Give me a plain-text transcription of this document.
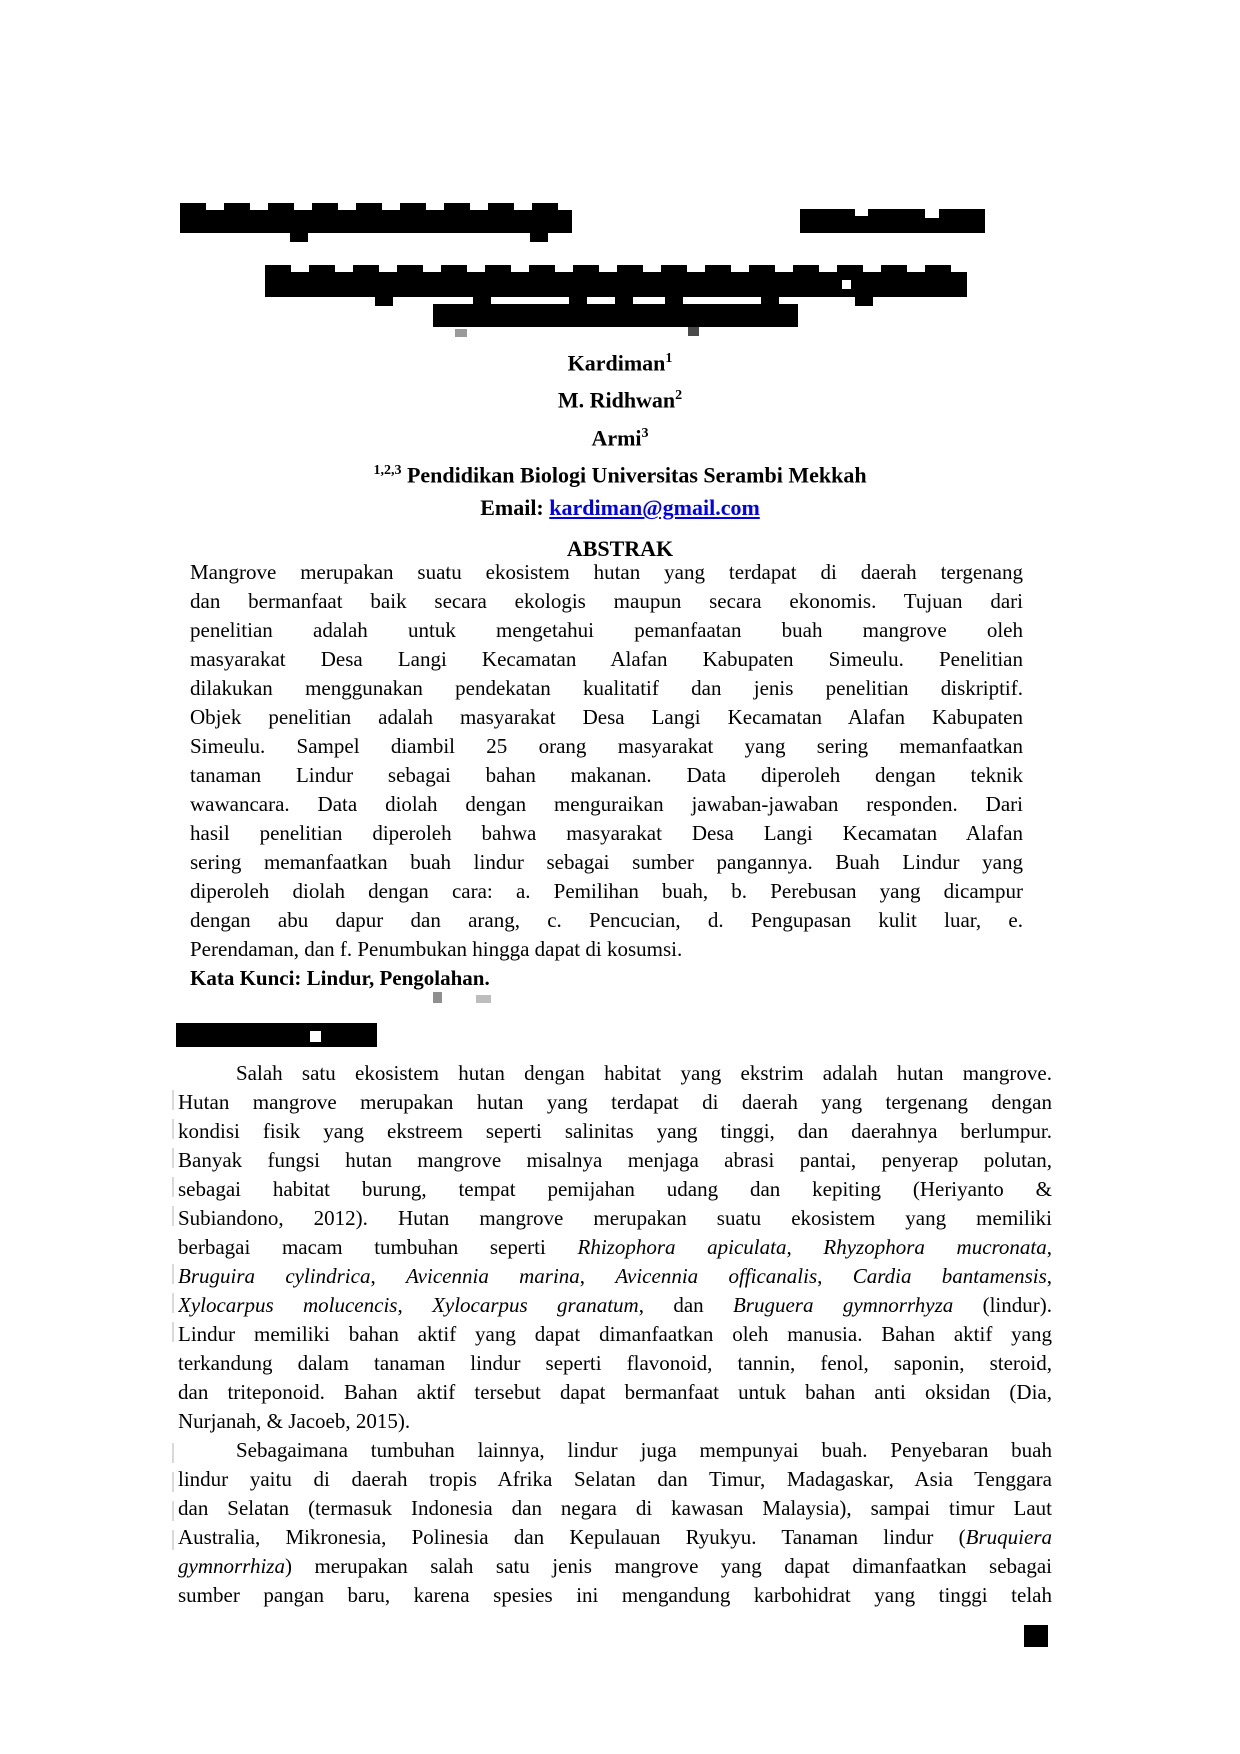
Kardiman$^1$
M. Ridhwan$^2$
Armi$^3$
$^{1,2,3}$ Pendidikan Biologi Universitas Serambi Mekkah
Email: kardiman@gmail.com
ABSTRAK
Mangrove merupakan suatu ekosistem hutan yang terdapat di daerah tergenang
dan bermanfaat baik secara ekologis maupun secara ekonomis. Tujuan dari
penelitian adalah untuk mengetahui pemanfaatan buah mangrove oleh
masyarakat Desa Langi Kecamatan Alafan Kabupaten Simeulu. Penelitian
dilakukan menggunakan pendekatan kualitatif dan jenis penelitian diskriptif.
Objek penelitian adalah masyarakat Desa Langi Kecamatan Alafan Kabupaten
Simeulu. Sampel diambil 25 orang masyarakat yang sering memanfaatkan
tanaman Lindur sebagai bahan makanan. Data diperoleh dengan teknik
wawancara. Data diolah dengan menguraikan jawaban-jawaban responden. Dari
hasil penelitian diperoleh bahwa masyarakat Desa Langi Kecamatan Alafan
sering memanfaatkan buah lindur sebagai sumber pangannya. Buah Lindur yang
diperoleh diolah dengan cara: a. Pemilihan buah, b. Perebusan yang dicampur
dengan abu dapur dan arang, c. Pencucian, d. Pengupasan kulit luar, e.
Perendaman, dan f. Penumbukan hingga dapat di kosumsi.
Kata Kunci: Lindur, Pengolahan.
Salah satu ekosistem hutan dengan habitat yang ekstrim adalah hutan mangrove.
Hutan mangrove merupakan hutan yang terdapat di daerah yang tergenang dengan
kondisi fisik yang ekstreem seperti salinitas yang tinggi, dan daerahnya berlumpur.
Banyak fungsi hutan mangrove misalnya menjaga abrasi pantai, penyerap polutan,
sebagai habitat burung, tempat pemijahan udang dan kepiting (Heriyanto &
Subiandono, 2012). Hutan mangrove merupakan suatu ekosistem yang memiliki
berbagai macam tumbuhan seperti Rhizophora apiculata, Rhyzophora mucronata,
Bruguira cylindrica, Avicennia marina, Avicennia officanalis, Cardia bantamensis,
Xylocarpus molucencis, Xylocarpus granatum, dan Bruguera gymnorrhyza (lindur).
Lindur memiliki bahan aktif yang dapat dimanfaatkan oleh manusia. Bahan aktif yang
terkandung dalam tanaman lindur seperti flavonoid, tannin, fenol, saponin, steroid,
dan triteponoid. Bahan aktif tersebut dapat bermanfaat untuk bahan anti oksidan (Dia,
Nurjanah, & Jacoeb, 2015).
Sebagaimana tumbuhan lainnya, lindur juga mempunyai buah. Penyebaran buah
lindur yaitu di daerah tropis Afrika Selatan dan Timur, Madagaskar, Asia Tenggara
dan Selatan (termasuk Indonesia dan negara di kawasan Malaysia), sampai timur Laut
Australia, Mikronesia, Polinesia dan Kepulauan Ryukyu. Tanaman lindur (Bruquiera
gymnorrhiza) merupakan salah satu jenis mangrove yang dapat dimanfaatkan sebagai
sumber pangan baru, karena spesies ini mengandung karbohidrat yang tinggi telah
